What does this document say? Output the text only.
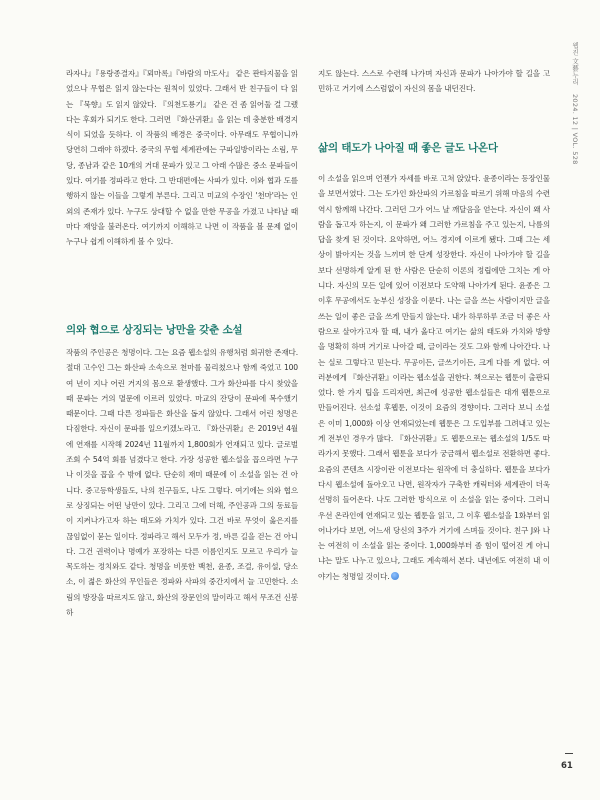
웹진 文藝누리 2024. 12 | VOL. 528

라자나』『용랑종결자』『뫼마록』『바람의 마도사』 같은 판타지물을 읽었으나 무협은 읽지 않는다는 원칙이 있었다. 그래서 반 친구들이 다 읽는 『묵향』도 읽지 않았다. 『의천도룡기』 같은 건 좀 읽어둘 걸 그랬다는 후회가 되기도 한다. 그러면 『화산귀환』을 읽는 데 충분한 배경지식이 되었을 듯하다. 이 작품의 배경은 중국이다. 아무래도 무협이니까 당연히 그래야 하겠다. 중국의 무협 세계관에는 구파일방이라는 소림, 무당, 종남과 같은 10개의 거대 문파가 있고 그 아래 수많은 중소 문파들이 있다. 여기를 정파라고 한다. 그 반대편에는 사파가 있다. 이와 협과 도를 행하지 않는 이들을 그렇게 부른다. 그리고 미교의 수장인 '천마'라는 인외의 존재가 있다. 누구도 상대할 수 없을 만한 무공을 가졌고 나타날 때마다 재앙을 불러온다. 여기까지 이해하고 나면 이 작품을 볼 문제 없이 누구나 쉽게 이해하게 볼 수 있다.

의와 협으로 상징되는 낭만을 갖춘 소설

작품의 주인공은 청명이다. 그는 요즘 웹소설의 유행처럼 회귀한 존재다. 절대 고수인 그는 화산파 소속으로 천마를 물리쳤으나 함께 죽었고 100여 년이 지나 어린 거지의 몸으로 환생했다. 그가 화산파를 다시 찾았을 때 문파는 거의 멸문에 이르러 있었다. 마교의 잔당이 문파에 복수했기 때문이다. 그때 다른 정파들은 화산을 돕지 않았다. 그래서 어린 청명은 다짐한다. 자신이 문파를 일으키겠노라고. 『화산귀환』은 2019년 4월에 연재를 시작해 2024년 11월까지 1,800회가 연재되고 있다. 글로벌 조회 수 54억 회를 넘겼다고 한다. 가장 성공한 웹소설을 꼽으라면 누구나 이것을 꼽을 수 밖에 없다. 단순히 재미 때문에 이 소설을 읽는 건 아니다. 중고등학생들도, 나의 친구들도, 나도 그렇다. 여기에는 의와 협으로 상징되는 어떤 낭만이 있다. 그리고 그에 더해, 주인공과 그의 동료들이 지켜나가고자 하는 태도와 가치가 있다. 그건 바로 무엇이 옳은지를 끊임없이 묻는 일이다. 정파라고 해서 모두가 정, 바른 길을 걷는 건 아니다. 그건 권력이나 명예가 포장하는 다른 이름인지도 모르고 우리가 늘 목도하는 정치와도 같다. 청명을 비롯한 백천, 윤종, 조걸, 유이설, 당소소, 이 젊은 화산의 무인들은 정파와 사파의 중간지에서 늘 고민한다. 소림의 방장을 따르지도 않고, 화산의 장문인의 말이라고 해서 무조건 신봉하

지도 않는다. 스스로 수련해 나가며 자신과 문파가 나아가야 할 길을 고민하고 거기에 스스럼없이 자신의 몸을 내던진다.

삶의 태도가 나아질 때 좋은 글도 나온다

이 소설을 읽으며 언젠가 자세를 바로 고쳐 앉았다. 윤종이라는 등장인물을 보면서였다. 그는 도가인 화산파의 가르침을 따르기 위해 마음의 수련 역시 함께해 나간다. 그러던 그가 어느 날 깨달음을 얻는다. 자신이 왜 사람을 돕고자 하는지, 이 문파가 왜 그러한 가르침을 주고 있는지, 나름의 답을 찾게 된 것이다. 요약하면, 어느 경지에 이르게 됐다. 그때 그는 세상이 밝아지는 것을 느끼며 한 단계 성장한다. 자신이 나아가야 할 길을 보다 선명하게 알게 된 한 사람은 단순히 이론의 정립에만 그치는 게 아니다. 자신의 모든 일에 있어 이전보다 도약해 나아가게 된다. 윤종은 그 이후 무공에서도 눈부신 성장을 이룬다. 나는 글을 쓰는 사람이지만 글을 쓰는 일이 좋은 글을 쓰게 만들지 않는다. 내가 하루하루 조금 더 좋은 사람으로 살아가고자 할 때, 내가 옳다고 여기는 삶의 태도와 가치와 방향을 명확히 하며 거기로 나아갈 때, 글이라는 것도 그와 함께 나아간다. 나는 실로 그렇다고 믿는다. 무공이든, 글쓰기이든, 크게 다를 게 없다. 여러분에게 『화산귀환』이라는 웹소설을 권한다. 책으로는 웹툰이 출판되었다. 한 가지 팁을 드리자면, 최근에 성공한 웹소설들은 대개 웹툰으로 만들어진다. 선소설 후웹툰, 이것이 요즘의 경향이다. 그러다 보니 소설은 이미 1,000화 이상 연재되었는데 웹툰은 그 도입부를 그려내고 있는 게 전부인 경우가 많다. 『화산귀환』도 웹툰으로는 웹소설의 1/5도 따라가지 못했다. 그래서 웹툰을 보다가 궁금해서 웹소설로 전환하면 좋다. 요즘의 콘텐츠 시장이란 이전보다는 원작에 더 충실하다. 웹툰을 보다가 다시 웹소설에 돌아오고 나면, 원작자가 구축한 캐릭터와 세계관이 더욱 선명히 들어온다. 나도 그러한 방식으로 이 소설을 읽는 중이다. 그러니 우선 온라인에 연재되고 있는 웹툰을 읽고, 그 이후 웹소설을 1화부터 읽어나가다 보면, 어느새 당신의 3주가 거기에 스며들 것이다. 친구 J와 나는 여전히 이 소설을 읽는 중이다. 1,000화부터 좀 힘이 떨어진 게 아니냐는 말도 나누고 있으나, 그래도 계속해서 본다. 내년에도 여전히 내 이야기는 청명일 것이다.

61
